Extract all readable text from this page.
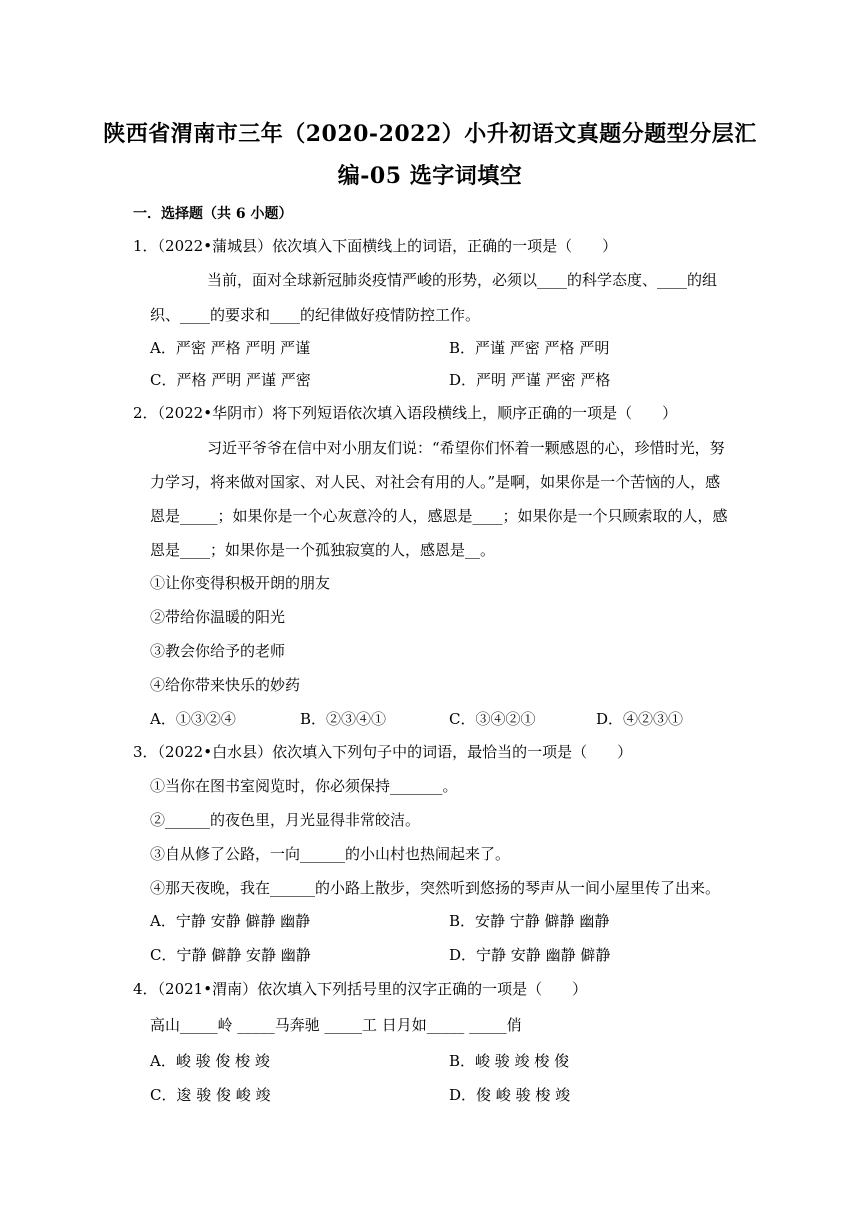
陕西省渭南市三年（2020-2022）小升初语文真题分题型分层汇
编-05 选字词填空
一．选择题（共 6 小题）
1．（2022•蒲城县）依次填入下面横线上的词语，正确的一项是（　　）
当前，面对全球新冠肺炎疫情严峻的形势，必须以____的科学态度、____的组
织、____的要求和____的纪律做好疫情防控工作。
A．严密 严格 严明 严谨	B．严谨 严密 严格 严明
C．严格 严明 严谨 严密	D．严明 严谨 严密 严格
2．（2022•华阴市）将下列短语依次填入语段横线上，顺序正确的一项是（　　）
习近平爷爷在信中对小朋友们说：“希望你们怀着一颗感恩的心，珍惜时光，努
力学习，将来做对国家、对人民、对社会有用的人。”是啊，如果你是一个苦恼的人，感
恩是_____；如果你是一个心灰意冷的人，感恩是____；如果你是一个只顾索取的人，感
恩是____；如果你是一个孤独寂寞的人，感恩是__。
①让你变得积极开朗的朋友
②带给你温暖的阳光
③教会你给予的老师
④给你带来快乐的妙药
A．①③②④	B．②③④①	C．③④②①	D．④②③①
3．（2022•白水县）依次填入下列句子中的词语，最恰当的一项是（　　）
①当你在图书室阅览时，你必须保持_______。
②______的夜色里，月光显得非常皎洁。
③自从修了公路，一向______的小山村也热闹起来了。
④那天夜晚，我在______的小路上散步，突然听到悠扬的琴声从一间小屋里传了出来。
A．宁静 安静 僻静 幽静	B．安静 宁静 僻静 幽静
C．宁静 僻静 安静 幽静	D．宁静 安静 幽静 僻静
4．（2021•渭南）依次填入下列括号里的汉字正确的一项是（　　）
高山_____岭 _____马奔驰 _____工 日月如_____ _____俏
A．峻 骏 俊 梭 竣	B．峻 骏 竣 梭 俊
C．逡 骏 俊 峻 竣	D．俊 峻 骏 梭 竣
